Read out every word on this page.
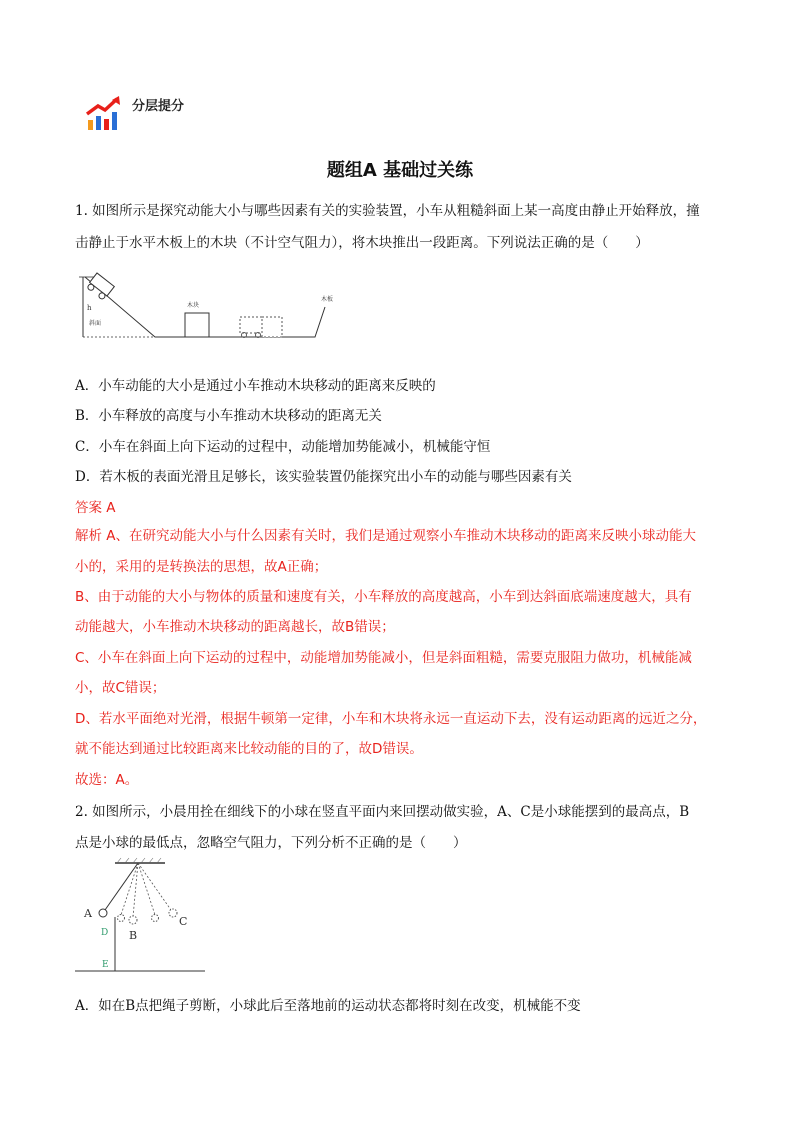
分层提分
题组A 基础过关练

1. 如图所示是探究动能大小与哪些因素有关的实验装置，小车从粗糙斜面上某一高度由静止开始释放，撞

击静止于水平木板上的木块（不计空气阻力），将木块推出一段距离。下列说法正确的是（　　）

h
斜面
木块
木板

A．小车动能的大小是通过小车推动木块移动的距离来反映的

B．小车释放的高度与小车推动木块移动的距离无关

C．小车在斜面上向下运动的过程中，动能增加势能减小，机械能守恒

D．若木板的表面光滑且足够长，该实验装置仍能探究出小车的动能与哪些因素有关

答案 A

解析 A、在研究动能大小与什么因素有关时，我们是通过观察小车推动木块移动的距离来反映小球动能大

小的，采用的是转换法的思想，故A正确；

B、由于动能的大小与物体的质量和速度有关，小车释放的高度越高，小车到达斜面底端速度越大，具有

动能越大，小车推动木块移动的距离越长，故B错误；

C、小车在斜面上向下运动的过程中，动能增加势能减小，但是斜面粗糙，需要克服阻力做功，机械能减

小，故C错误；

D、若水平面绝对光滑，根据牛顿第一定律，小车和木块将永远一直运动下去，没有运动距离的远近之分，

就不能达到通过比较距离来比较动能的目的了，故D错误。

故选：A。

2. 如图所示，小晨用拴在细线下的小球在竖直平面内来回摆动做实验，A、C是小球能摆到的最高点，B

点是小球的最低点，忽略空气阻力，下列分析不正确的是（　　）

A
B
C
D
E

A．如在B点把绳子剪断，小球此后至落地前的运动状态都将时刻在改变，机械能不变
